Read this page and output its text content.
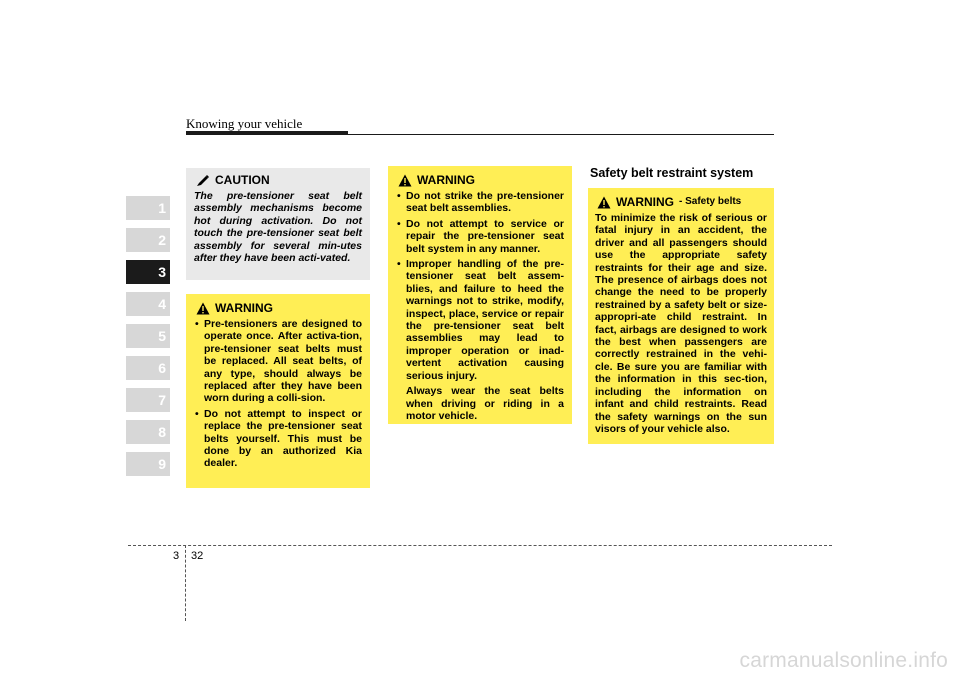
Knowing your vehicle
1
2
3
4
5
6
7
8
9
CAUTION

The pre-tensioner seat belt assembly mechanisms become hot during activation. Do not touch the pre-tensioner seat belt assembly for several min-utes after they have been acti-vated.

WARNING
• Pre-tensioners are designed to operate once. After activa-tion, pre-tensioner seat belts must be replaced. All seat belts, of any type, should always be replaced after they have been worn during a colli-sion.
• Do not attempt to inspect or replace the pre-tensioner seat belts yourself. This must be done by an authorized Kia dealer.
WARNING
• Do not strike the pre-tensioner seat belt assemblies.
• Do not attempt to service or repair the pre-tensioner seat belt system in any manner.
• Improper handling of the pre-tensioner seat belt assem-blies, and failure to heed the warnings not to strike, modify, inspect, place, service or repair the pre-tensioner seat belt assemblies may lead to improper operation or inad-vertent activation causing serious injury.

Always wear the seat belts when driving or riding in a motor vehicle.

Safety belt restraint system
WARNING - Safety belts

To minimize the risk of serious or fatal injury in an accident, the driver and all passengers should use the appropriate safety restraints for their age and size. The presence of airbags does not change the need to be properly restrained by a safety belt or size-appropri-ate child restraint. In fact, airbags are designed to work the best when passengers are correctly restrained in the vehi-cle. Be sure you are familiar with the information in this sec-tion, including the information on infant and child restraints. Read the safety warnings on the sun visors of your vehicle also.

3 32
carmanualsonline.info
